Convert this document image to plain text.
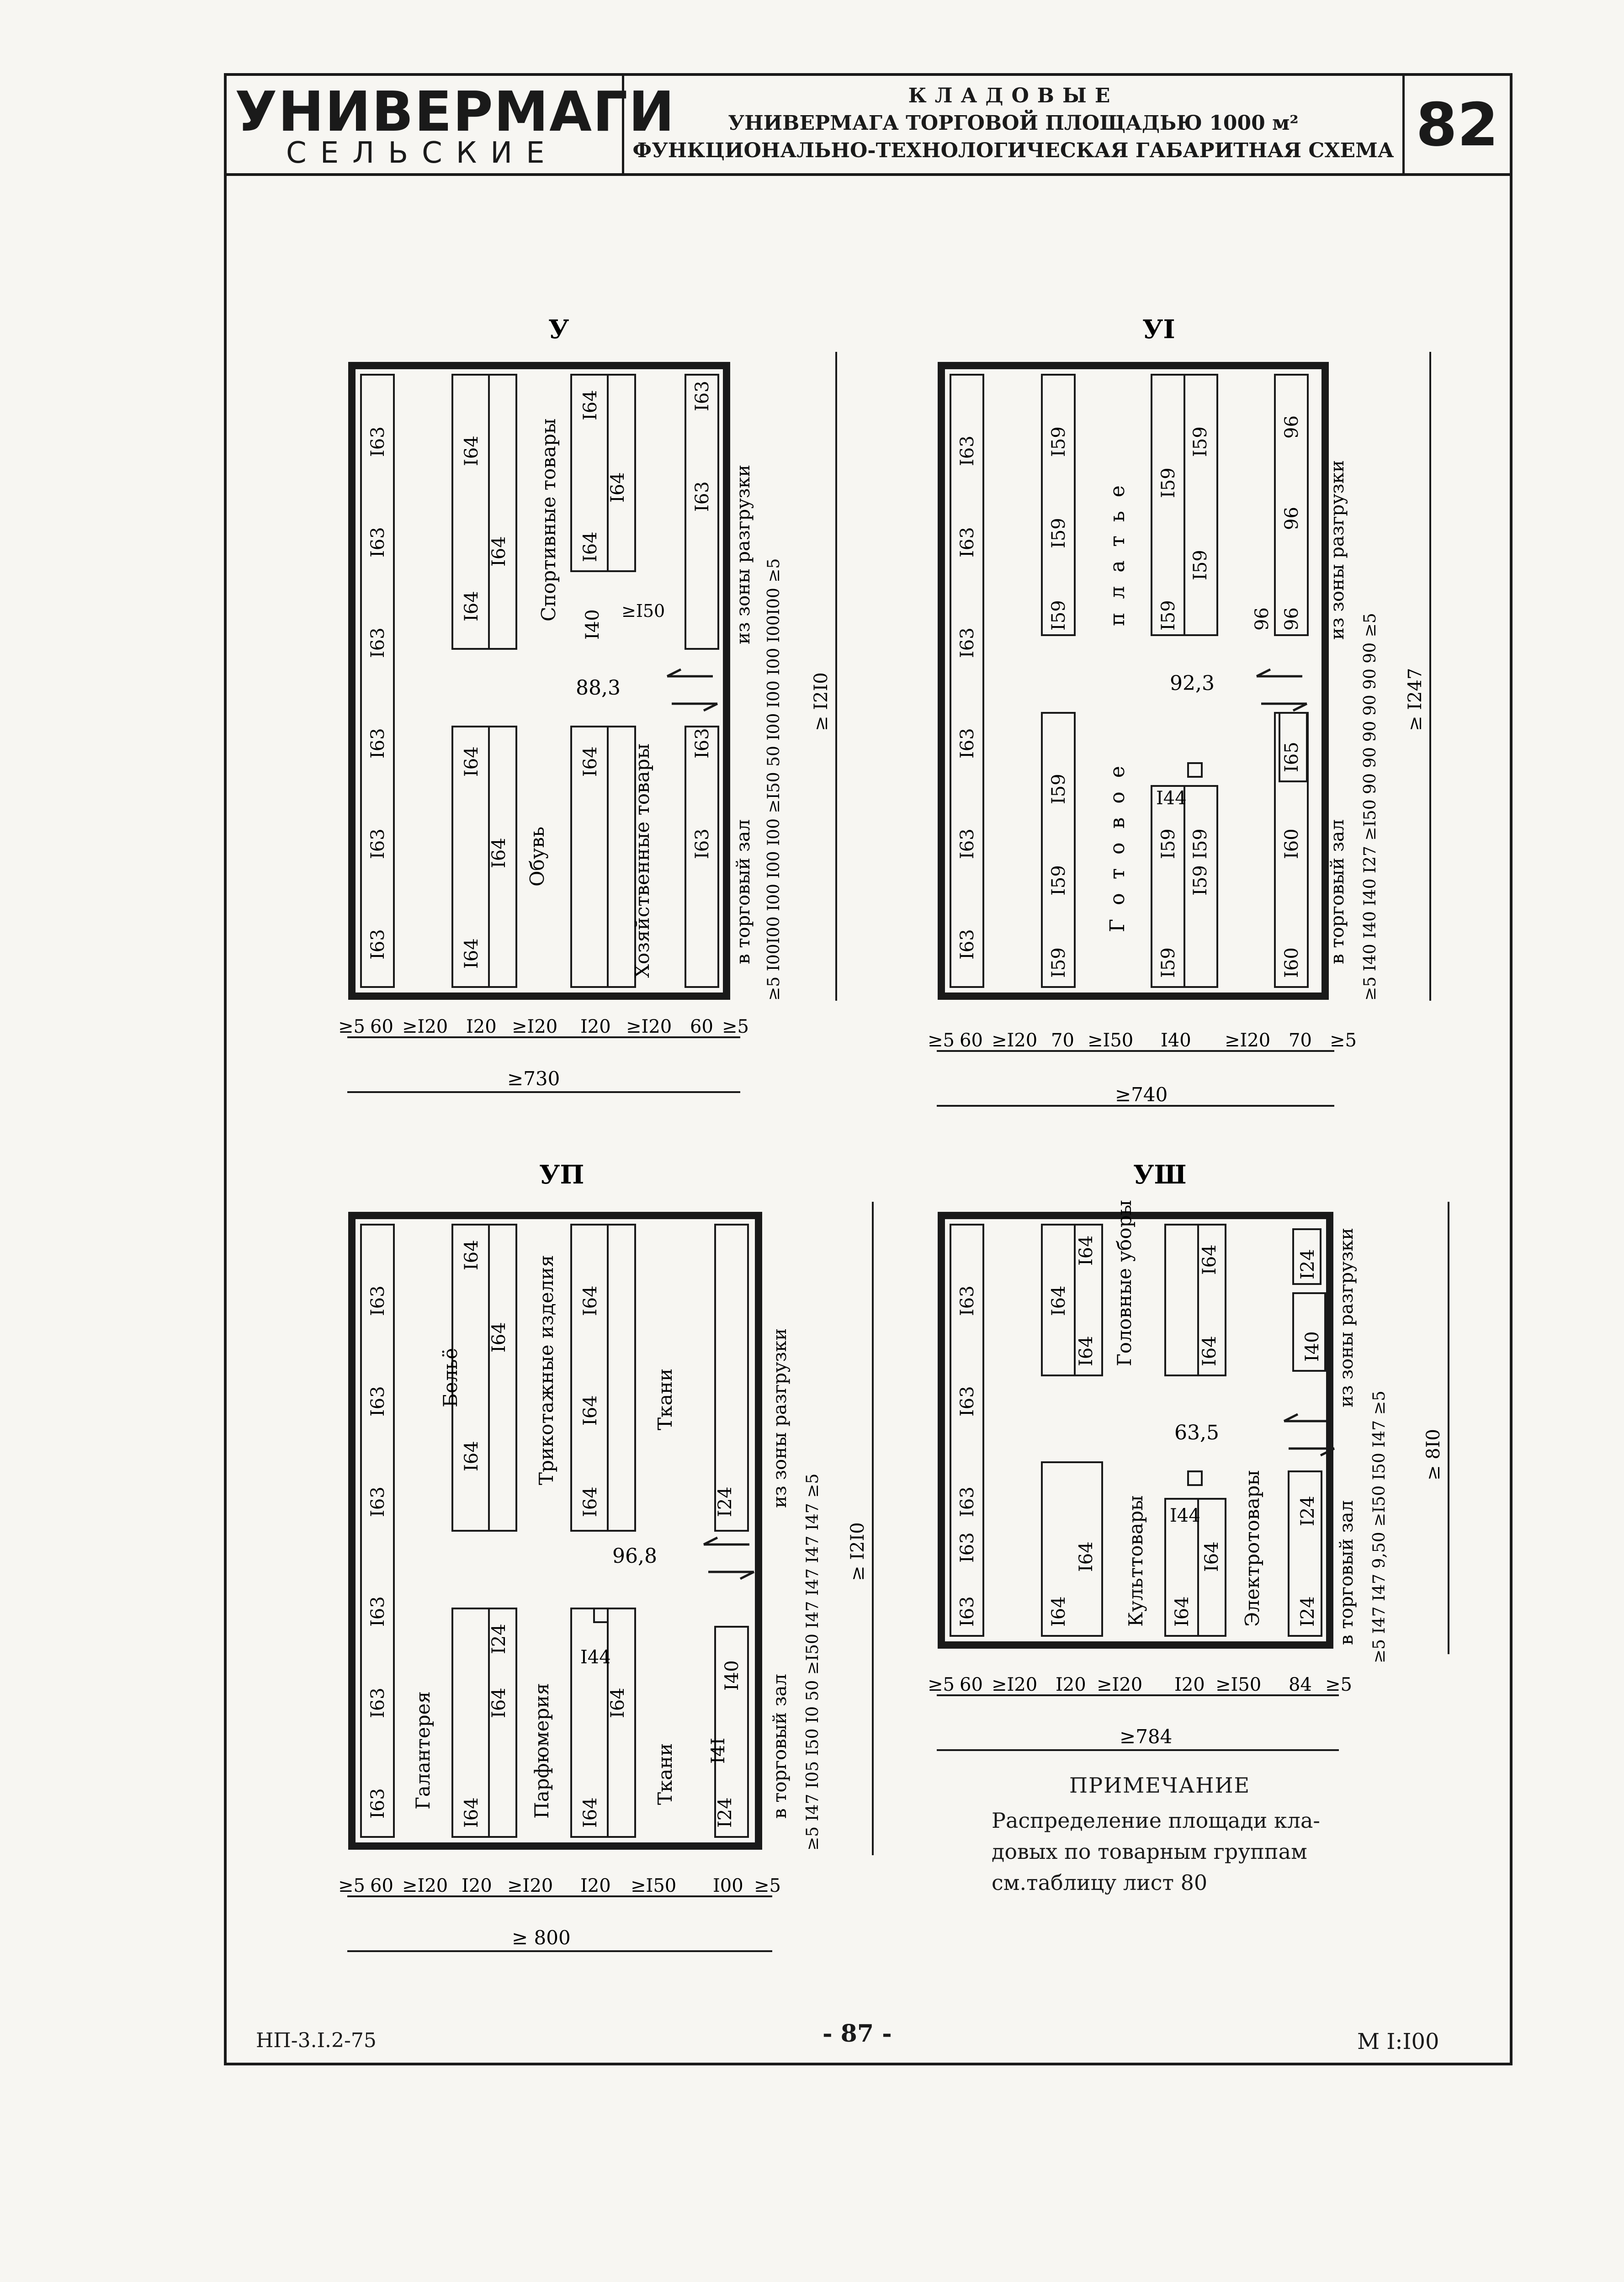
УНИВЕРМАГИ
СЕЛЬСКИЕ
КЛАДОВЫЕ
УНИВЕРМАГА ТОРГОВОЙ ПЛОЩАДЬЮ 1000 м²
ФУНКЦИОНАЛЬНО-ТЕХНОЛОГИЧЕСКАЯ ГАБАРИТНАЯ СХЕМА 82
У
I63
I63
I63
I63
I63
I63
I64
I64
I64
I64
I64
I64
I64
I64
I64
I64
I63
I63
I63
I63
I40 ≥I50
Спортивные товары
Обувь	Хозяйственные товары
88,3
из зоны разгрузки
в торговый зал ≥5 I00I00 I00 I00 I00 ≥I50 50 I00 I00 I00 I00I00 ≥5 ≥ I2I0
≥5 60 ≥I20 I20 ≥I20 I20 ≥I20 60 ≥5
≥730
УI
I63
I63
I63
I63
I63
I63
I59
I59
I59
I59
I59
I59
I59
I59
I59
I59
I44
I59 I59
I59
I59
I60
I60
I65
96
96
96
96
Готовое
платье
92,3
из зоны разгрузки
в торговый зал ≥5 I40 I40 I40 I27 ≥I50 90 90 90 90 90 90 ≥5 ≥ I247
≥5 60 ≥I20 70 ≥I50 I40 ≥I20 70 ≥5
≥740
УП
I63
I63
I63
I63
I63
I63
I64
I64
I64
I64
I64
I64
I64
I64
I24
I44
I64
I64
I40
I4I
I24
I24
Бельё	Трикотажные изделия	Ткани
Галантерея	Парфюмерия	Ткани
96,8
из зоны разгрузки
в торговый зал ≥5 I47 I05 I50 I0 50 ≥I50 I47 I47 I47 I47 ≥5 ≥ I2I0
≥5 60 ≥I20 I20 ≥I20 I20 ≥I50 I00 ≥5
≥ 800
УШ
I63
I63
I63
I63
I63
I64
I64
I64
I64
I64
I64
I64
I64
I44
I64
I40
I24
I24
I24
Головные уборы
Культтовары	Электротовары
63,5
из зоны разгрузки
в торговый зал ≥5 I47 I47 9,50 ≥I50 I50 I47 ≥5 ≥ 8I0
≥5 60 ≥I20 I20 ≥I20 I20 ≥I50 84 ≥5
≥784
ПРИМЕЧАНИЕ
Распределение площади кла-
довых по товарным группам
см.таблицу лист 80
НП-3.I.2-75	- 87 -	М I:I00
